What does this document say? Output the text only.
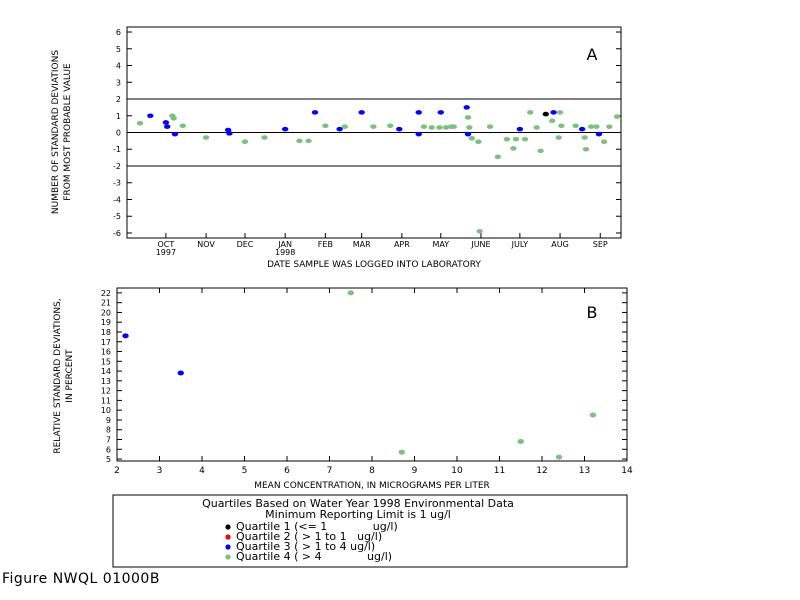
-6
-5
-4
-3
-2
-1
0
1
2
3
4
5
6
OCT
1997
NOV	DEC	JAN
1998
FEB MAR	APR	MAY	JUNE	JULY	AUG	SEP
A
DATE SAMPLE WAS LOGGED INTO LABORATORY
NUMBER OF STANDARD DEVIATIONS FROM MOST PROBABLE VALUE
5
6
7
8
9
10
11
12
13
14
15
16
17
18
19
20
21
22
2	3	4	5	6	7	8	9	10	11	12	13	14
B
MEAN CONCENTRATION, IN MICROGRAMS PER LITER
RELATIVE STANDARD DEVIATIONS, IN PERCENT
Quartiles Based on Water Year 1998 Environmental Data
Minimum Reporting Limit is 1 ug/l
Quartile 1 (<= 1             ug/l)
Quartile 2 ( > 1 to 1   ug/l)
Quartile 3 ( > 1 to 4 ug/l)
Quartile 4 ( > 4             ug/l)
Figure NWQL 01000B
